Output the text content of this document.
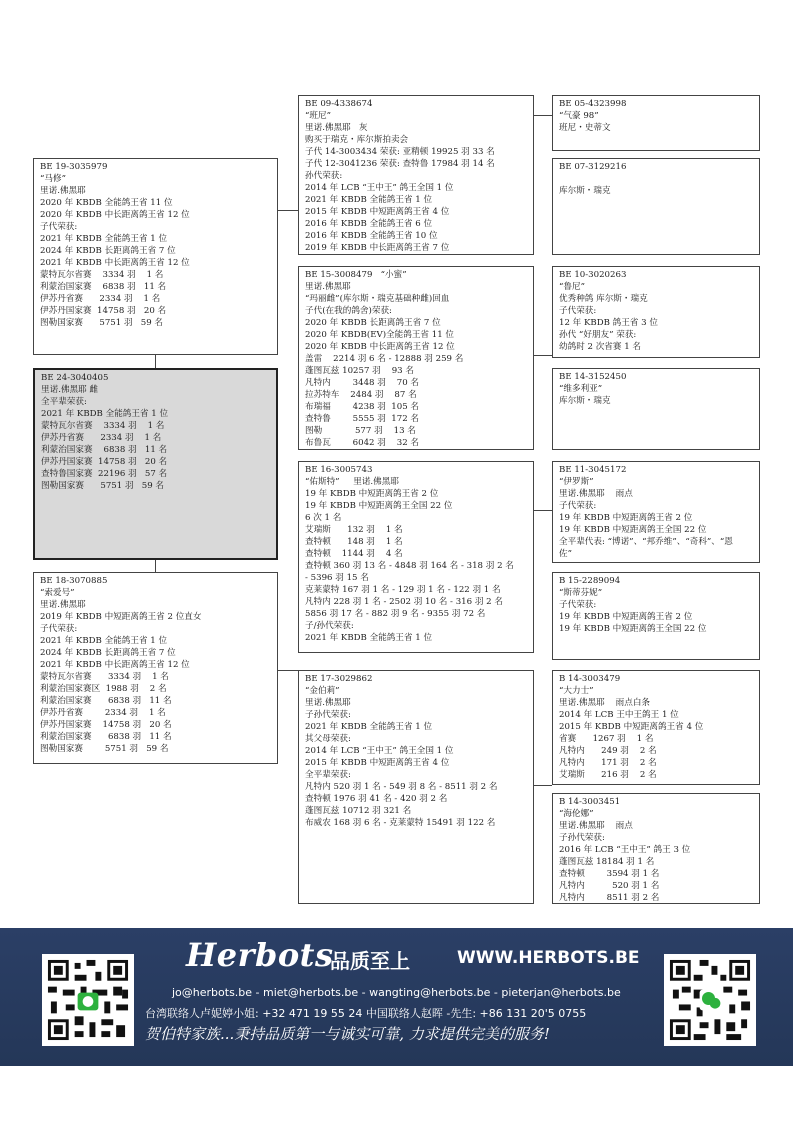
BE 19-3035979
“马修”
里诺.佛黑耶
2020 年 KBDB 全能鸽王省 11 位
2020 年 KBDB 中长距离鸽王省 12 位
子代荣获:
2021 年 KBDB 全能鸽王省 1 位
2024 年 KBDB 长距离鸽王省 7 位
2021 年 KBDB 中长距离鸽王省 12 位
蒙特瓦尔省赛    3334 羽    1 名
利蒙治国家赛    6838 羽   11 名
伊苏丹省赛      2334 羽    1 名
伊苏丹国家赛  14758 羽   20 名
图勒国家赛      5751 羽   59 名
BE 24-3040405
里诺.佛黑耶 雌
全平辈荣获:
2021 年 KBDB 全能鸽王省 1 位
蒙特瓦尔省赛    3334 羽    1 名
伊苏丹省赛      2334 羽    1 名
利蒙治国家赛    6838 羽   11 名
伊苏丹国家赛  14758 羽   20 名
查特鲁国家赛  22196 羽   57 名
图勒国家赛      5751 羽   59 名
BE 18-3070885
“索爱号”
里诺.佛黑耶
2019 年 KBDB 中短距离鸽王省 2 位直女
子代荣获:
2021 年 KBDB 全能鸽王省 1 位
2024 年 KBDB 长距离鸽王省 7 位
2021 年 KBDB 中长距离鸽王省 12 位
蒙特瓦尔省赛      3334 羽    1 名
利蒙治国家赛区  1988 羽    2 名
利蒙治国家赛      6838 羽   11 名
伊苏丹省赛        2334 羽    1 名
伊苏丹国家赛    14758 羽   20 名
利蒙治国家赛      6838 羽   11 名
图勒国家赛        5751 羽   59 名
BE 09-4338674
“班尼”
里诺.佛黑耶   灰
购买于瑞克・库尔斯拍卖会
子代 14-3003434 荣获: 亚精顿 19925 羽 33 名
子代 12-3041236 荣获: 查特鲁 17984 羽 14 名
孙代荣获:
2014 年 LCB “王中王” 鸽王全国 1 位
2021 年 KBDB 全能鸽王省 1 位
2015 年 KBDB 中短距离鸽王省 4 位
2016 年 KBDB 全能鸽王省 6 位
2016 年 KBDB 全能鸽王省 10 位
2019 年 KBDB 中长距离鸽王省 7 位
BE 15-3008479   “小蜜”
里诺.佛黑耶
“玛丽雌”(库尔斯・瑞克基础种雌)回血
子代(在我的鸽舍)荣获:
2020 年 KBDB 长距离鸽王省 7 位
2020 年 KBDB(EV)全能鸽王省 11 位
2020 年 KBDB 中长距离鸽王省 12 位
盖雷    2214 羽 6 名 - 12888 羽 259 名
蓬图瓦兹 10257 羽    93 名
凡特内        3448 羽    70 名
拉苏特车    2484 羽    87 名
布瑞福        4238 羽  105 名
查特鲁        5555 羽  172 名
图勒            577 羽    13 名
布鲁瓦        6042 羽    32 名
BE 16-3005743
“佑斯特”     里诺.佛黑耶
19 年 KBDB 中短距离鸽王省 2 位
19 年 KBDB 中短距离鸽王全国 22 位
6 次 1 名
艾瑞斯      132 羽    1 名
查特顿      148 羽    1 名
查特顿    1144 羽    4 名
查特顿 360 羽 13 名 - 4848 羽 164 名 - 318 羽 2 名
- 5396 羽 15 名
克莱蒙特 167 羽 1 名 - 129 羽 1 名 - 122 羽 1 名
凡特内 228 羽 1 名 - 2502 羽 10 名 - 316 羽 2 名
5856 羽 17 名 - 882 羽 9 名 - 9355 羽 72 名
子/孙代荣获:
2021 年 KBDB 全能鸽王省 1 位
BE 17-3029862
“金伯莉”
里诺.佛黑耶
子孙代荣获:
2021 年 KBDB 全能鸽王省 1 位
其父母荣获:
2014 年 LCB “王中王” 鸽王全国 1 位
2015 年 KBDB 中短距离鸽王省 4 位
全平辈荣获:
凡特内 520 羽 1 名 - 549 羽 8 名 - 8511 羽 2 名
查特顿 1976 羽 41 名 - 420 羽 2 名
蓬图瓦兹 10712 羽 321 名
布威农 168 羽 6 名 - 克莱蒙特 15491 羽 122 名
BE 05-4323998
“气豪 98”
班尼・史蒂文
BE 07-3129216

库尔斯・瑞克
BE 10-3020263
“鲁尼”
优秀种鸽 库尔斯・瑞克
子代荣获:
12 年 KBDB 鸽王省 3 位
孙代 “好朋友” 荣获:
幼鸽时 2 次省赛 1 名
BE 14-3152450
“维多利亚”
库尔斯・瑞克
BE 11-3045172
“伊罗斯”
里诺.佛黑耶    雨点
子代荣获:
19 年 KBDB 中短距离鸽王省 2 位
19 年 KBDB 中短距离鸽王全国 22 位
全平辈代表: “博诺”、“邦乔维”、“奇科”、“恩
佐”
B 15-2289094
“斯蒂芬妮”
子代荣获:
19 年 KBDB 中短距离鸽王省 2 位
19 年 KBDB 中短距离鸽王全国 22 位
B 14-3003479
“大力士”
里诺.佛黑耶    雨点白条
2014 年 LCB 王中王鸽王 1 位
2015 年 KBDB 中短距离鸽王省 4 位
省赛      1267 羽    1 名
凡特内      249 羽    2 名
凡特内      171 羽    2 名
艾瑞斯      216 羽    2 名
B 14-3003451
“海伦娜”
里诺.佛黑耶    雨点
子孙代荣获:
2016 年 LCB “王中王” 鸽王 3 位
蓬图瓦兹 18184 羽 1 名
查特顿        3594 羽 1 名
凡特内          520 羽 1 名
凡特内        8511 羽 2 名
Herbots
品质至上	WWW.HERBOTS.BE
jo@herbots.be - miet@herbots.be - wangting@herbots.be - pieterjan@herbots.be
台湾联络人卢妮婷小姐: +32 471 19 55 24 中国联络人赵晖 -先生: +86 131 20'5 0755
贺伯特家族...秉持品质第一与诚实可靠, 力求提供完美的服务!
